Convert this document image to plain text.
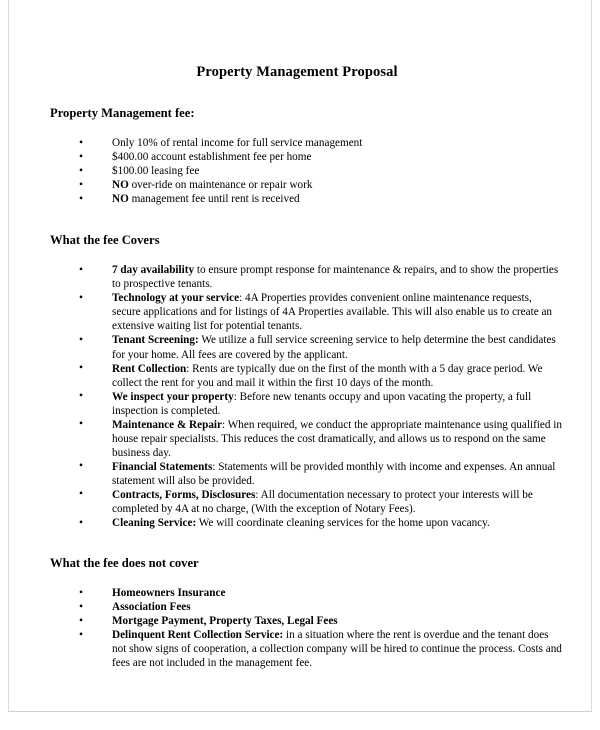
Property Management Proposal
Property Management fee:
• Only 10% of rental income for full service management
• $400.00 account establishment fee per home
• $100.00 leasing fee
• NO over-ride on maintenance or repair work
• NO management fee until rent is received
What the fee Covers
• 7 day availability to ensure prompt response for maintenance & repairs, and to show the properties to prospective tenants.
• Technology at your service: 4A Properties provides convenient online maintenance requests, secure applications and for listings of 4A Properties available. This will also enable us to create an extensive waiting list for potential tenants.
• Tenant Screening: We utilize a full service screening service to help determine the best candidates for your home. All fees are covered by the applicant.
• Rent Collection: Rents are typically due on the first of the month with a 5 day grace period. We collect the rent for you and mail it within the first 10 days of the month.
• We inspect your property: Before new tenants occupy and upon vacating the property, a full inspection is completed.
• Maintenance & Repair: When required, we conduct the appropriate maintenance using qualified in house repair specialists. This reduces the cost dramatically, and allows us to respond on the same business day.
• Financial Statements: Statements will be provided monthly with income and expenses. An annual statement will also be provided.
• Contracts, Forms, Disclosures: All documentation necessary to protect your interests will be completed by 4A at no charge, (With the exception of Notary Fees).
• Cleaning Service: We will coordinate cleaning services for the home upon vacancy.
What the fee does not cover
• Homeowners Insurance
• Association Fees
• Mortgage Payment, Property Taxes, Legal Fees
• Delinquent Rent Collection Service: in a situation where the rent is overdue and the tenant does not show signs of cooperation, a collection company will be hired to continue the process. Costs and fees are not included in the management fee.
